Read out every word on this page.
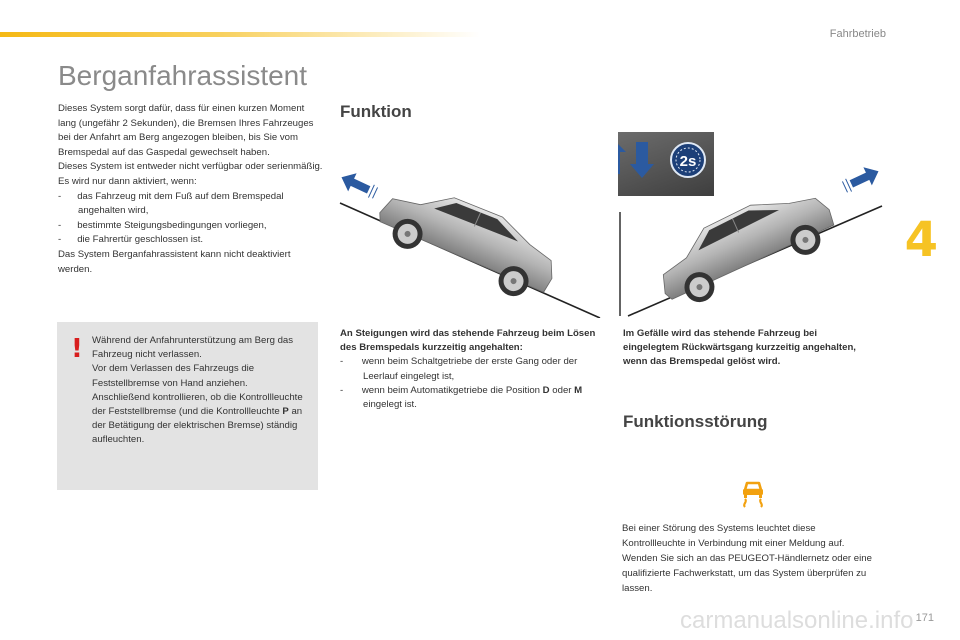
Fahrbetrieb
4
Berganfahrassistent

Dieses System sorgt dafür, dass für einen kurzen Moment lang (ungefähr 2 Sekunden), die Bremsen Ihres Fahrzeuges bei der Anfahrt am Berg angezogen bleiben, bis Sie vom Bremspedal auf das Gaspedal gewechselt haben.

Dieses System ist entweder nicht verfügbar oder serienmäßig.

Es wird nur dann aktiviert, wenn:

-      das Fahrzeug mit dem Fuß auf dem Bremspedal angehalten wird,

-      bestimmte Steigungsbedingungen vorliegen,

-      die Fahrertür geschlossen ist.

Das System Berganfahrassistent kann nicht deaktiviert werden.

! Während der Anfahrunterstützung am Berg das Fahrzeug nicht verlassen.
Vor dem Verlassen des Fahrzeugs die Feststellbremse von Hand anziehen.
Anschließend kontrollieren, ob die Kontrollleuchte der Feststellbremse (und die Kontrollleuchte P an der Betätigung der elektrischen Bremse) ständig aufleuchten.

Funktion
2s
An Steigungen wird das stehende Fahrzeug beim Lösen des Bremspedals kurzzeitig angehalten:
- wenn beim Schaltgetriebe der erste Gang oder der Leerlauf eingelegt ist,
- wenn beim Automatikgetriebe die Position D oder M eingelegt ist.

Im Gefälle wird das stehende Fahrzeug bei eingelegtem Rückwärtsgang kurzzeitig angehalten, wenn das Bremspedal gelöst wird.

Funktionsstörung

Bei einer Störung des Systems leuchtet diese Kontrollleuchte in Verbindung mit einer Meldung auf. Wenden Sie sich an das PEUGEOT-Händlernetz oder eine qualifizierte Fachwerkstatt, um das System überprüfen zu lassen.

carmanualsonline.info 171
